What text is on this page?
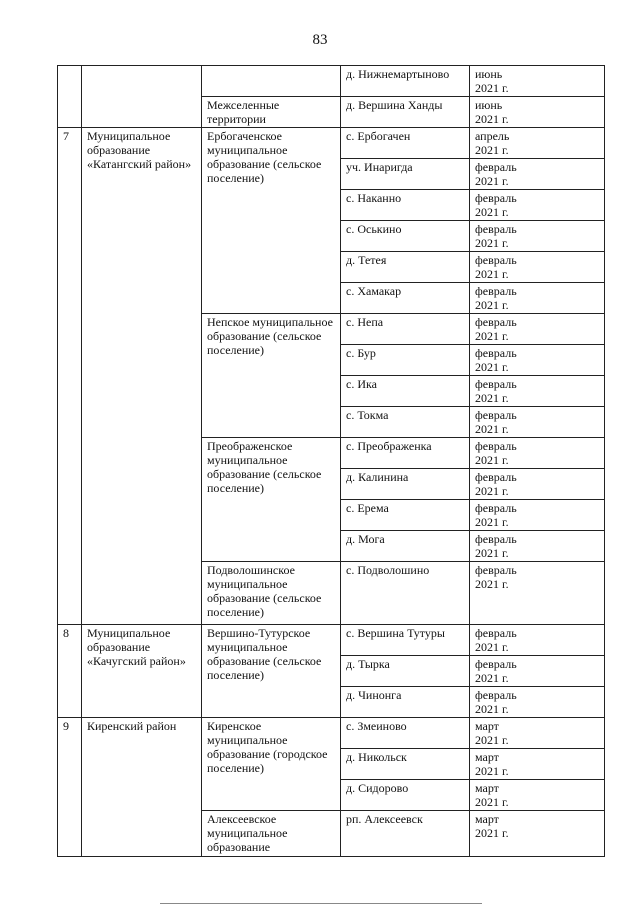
83
			д. Нижнемартыново	июнь
2021 г.

		Межселенные территории	д. Вершина Ханды	июнь
2021 г.

7	Муниципальное образование «Катангский район»	Ербогаченское муниципальное образование (сельское поселение)	с. Ербогачен	апрель
2021 г.

			уч. Инаригда	февраль
2021 г.

			с. Наканно	февраль
2021 г.

			с. Оськино	февраль
2021 г.

			д. Тетея	февраль
2021 г.

			с. Хамакар	февраль
2021 г.

		Непское муниципальное образование (сельское поселение)	с. Непа	февраль
2021 г.

			с. Бур	февраль
2021 г.

			с. Ика	февраль
2021 г.

			с. Токма	февраль
2021 г.

		Преображенское муниципальное образование (сельское поселение)	с. Преображенка	февраль
2021 г.

			д. Калинина	февраль
2021 г.

			с. Ерема	февраль
2021 г.

			д. Мога	февраль
2021 г.

		Подволошинское муниципальное образование (сельское поселение)	с. Подволошино	февраль
2021 г.

8	Муниципальное образование «Качугский район»	Вершино-Тутурское муниципальное образование (сельское поселение)	с. Вершина Тутуры	февраль
2021 г.

			д. Тырка	февраль
2021 г.

			д. Чинонга	февраль
2021 г.

9	Киренский район	Киренское муниципальное образование (городское поселение)	с. Змеиново	март
2021 г.

			д. Никольск	март
2021 г.

			д. Сидорово	март
2021 г.

		Алексеевское муниципальное образование	рп. Алексеевск	март
2021 г.
